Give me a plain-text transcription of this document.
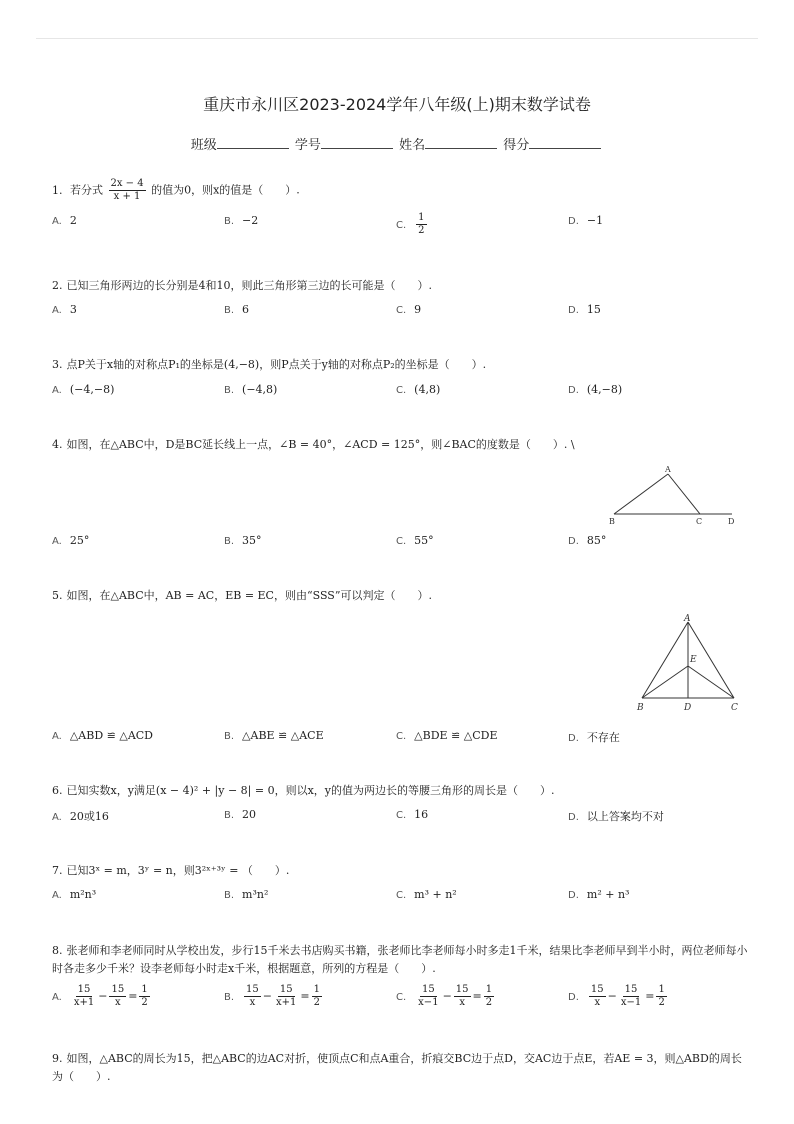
重庆市永川区2023-2024学年八年级(上)期末数学试卷
班级	学号	姓名	得分
1. 若分式 $\frac{2x - 4}{x + 1}$ 的值为0，则x的值是（　　）.
A. 2	B. −2	C. $\frac{1}{2}$	D. −1
2. 已知三角形两边的长分别是4和10，则此三角形第三边的长可能是（　　）.
A. 3	B. 6	C. 9	D. 15
3. 点P关于x轴的对称点P₁的坐标是(4,−8)，则P点关于y轴的对称点P₂的坐标是（　　）.
A. (−4,−8)	B. (−4,8)	C. (4,8)	D. (4,−8)
4. 如图，在△ABC中，D是BC延长线上一点，∠B = 40°，∠ACD = 125°，则∠BAC的度数是（　　）. \
A
B	C	D
A. 25°	B. 35°	C. 55°	D. 85°
5. 如图，在△ABC中，AB = AC，EB = EC，则由“SSS”可以判定（　　）.
A
E
B	D	C
A. △ABD ≌ △ACD	B. △ABE ≌ △ACE	C. △BDE ≌ △CDE	D. 不存在
6. 已知实数x，y满足(x − 4)² + |y − 8| = 0，则以x，y的值为两边长的等腰三角形的周长是（　　）.
A. 20或16	B. 20	C. 16	D. 以上答案均不对
7. 已知3ˣ = m，3ʸ = n，则3²ˣ⁺³ʸ = （　　）.
A. m²n³	B. m³n²	C. m³ + n²	D. m² + n³
8. 张老师和李老师同时从学校出发，步行15千米去书店购买书籍，张老师比李老师每小时多走1千米，结果比李老师早到半小时，两位老师每小时各走多少千米？设李老师每小时走x千米，根据题意，所列的方程是（　　）.
A. $\frac{15}{x+1} - \frac{15}{x} = \frac{1}{2}$	B. $\frac{15}{x} - \frac{15}{x+1} = \frac{1}{2}$	C. $\frac{15}{x-1} - \frac{15}{x} = \frac{1}{2}$	D. $\frac{15}{x} - \frac{15}{x-1} = \frac{1}{2}$
9. 如图，△ABC的周长为15，把△ABC的边AC对折，使顶点C和点A重合，折痕交BC边于点D，交AC边于点E，若AE = 3，则△ABD的周长为（　　）.
